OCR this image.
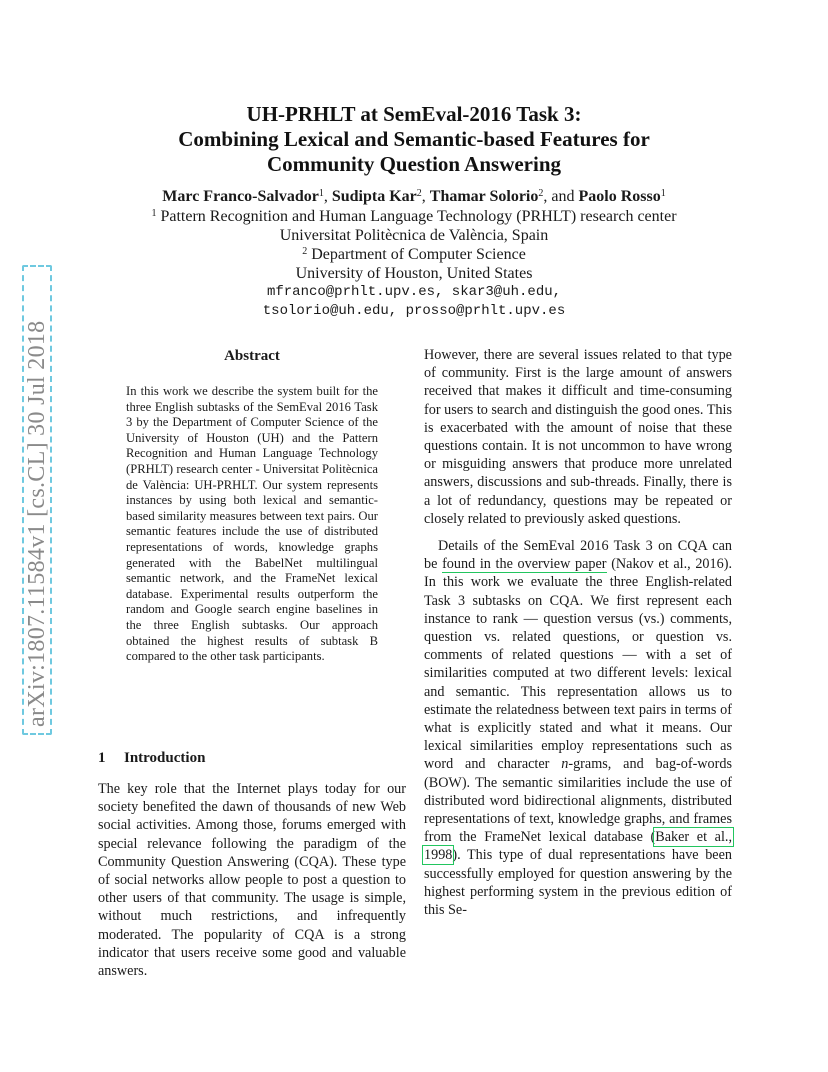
arXiv:1807.11584v1 [cs.CL] 30 Jul 2018
UH-PRHLT at SemEval-2016 Task 3:
Combining Lexical and Semantic-based Features for
Community Question Answering
Marc Franco-Salvador$^1$, Sudipta Kar$^2$, Thamar Solorio$^2$, and Paolo Rosso$^1$
$^1$ Pattern Recognition and Human Language Technology (PRHLT) research center
Universitat Politècnica de València, Spain
$^2$ Department of Computer Science
University of Houston, United States
mfranco@prhlt.upv.es, skar3@uh.edu,
tsolorio@uh.edu, prosso@prhlt.upv.es
Abstract

In this work we describe the system built for the three English subtasks of the SemEval 2016 Task 3 by the Department of Computer Science of the University of Houston (UH) and the Pattern Recognition and Human Language Technology (PRHLT) research center - Universitat Politècnica de València: UH-PRHLT. Our system represents instances by using both lexical and semantic-based similarity measures between text pairs. Our semantic features include the use of distributed representations of words, knowledge graphs generated with the BabelNet multilingual semantic network, and the FrameNet lexical database. Experimental results outperform the random and Google search engine baselines in the three English subtasks. Our approach obtained the highest results of subtask B compared to the other task participants.

1 Introduction

The key role that the Internet plays today for our society benefited the dawn of thousands of new Web social activities. Among those, forums emerged with special relevance following the paradigm of the Community Question Answering (CQA). These type of social networks allow people to post a question to other users of that community. The usage is simple, without much restrictions, and infrequently moderated. The popularity of CQA is a strong indicator that users receive some good and valuable answers.

However, there are several issues related to that type of community. First is the large amount of answers received that makes it difficult and time-consuming for users to search and distinguish the good ones. This is exacerbated with the amount of noise that these questions contain. It is not uncommon to have wrong or misguiding answers that produce more unrelated answers, discussions and sub-threads. Finally, there is a lot of redundancy, questions may be repeated or closely related to previously asked questions.

Details of the SemEval 2016 Task 3 on CQA can be found in the overview paper (Nakov et al., 2016). In this work we evaluate the three English-related Task 3 subtasks on CQA. We first represent each instance to rank — question versus (vs.) comments, question vs. related questions, or question vs. comments of related questions — with a set of similarities computed at two different levels: lexical and semantic. This representation allows us to estimate the relatedness between text pairs in terms of what is explicitly stated and what it means. Our lexical similarities employ representations such as word and character n-grams, and bag-of-words (BOW). The semantic similarities include the use of distributed word bidirectional alignments, distributed representations of text, knowledge graphs, and frames from the FrameNet lexical database (Baker et al., 1998). This type of dual representations have been successfully employed for question answering by the highest performing system in the previous edition of this Se-
